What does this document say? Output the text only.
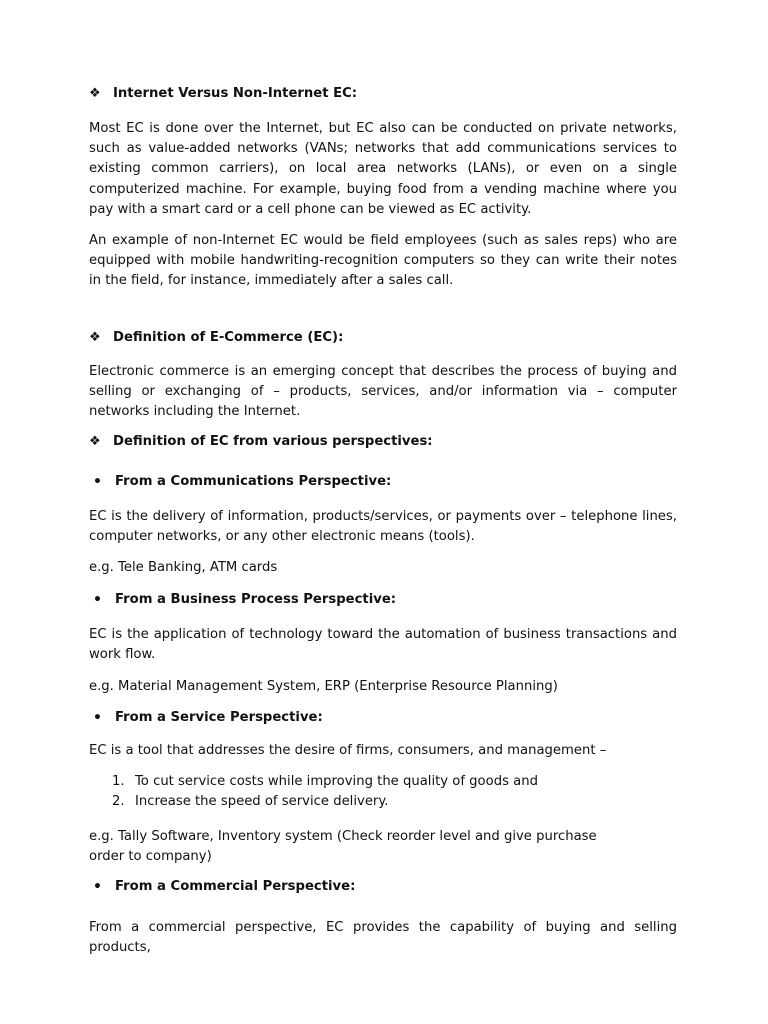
❖ Internet Versus Non-Internet EC:

Most EC is done over the Internet, but EC also can be conducted on private networks, such as value-added networks (VANs; networks that add communications services to existing common carriers), on local area networks (LANs), or even on a single computerized machine. For example, buying food from a vending machine where you pay with a smart card or a cell phone can be viewed as EC activity.

An example of non-Internet EC would be field employees (such as sales reps) who are equipped with mobile handwriting-recognition computers so they can write their notes in the field, for instance, immediately after a sales call.

❖ Definition of E-Commerce (EC):

Electronic commerce is an emerging concept that describes the process of buying and selling or exchanging of – products, services, and/or information via – computer networks including the Internet.

❖ Definition of EC from various perspectives:
• From a Communications Perspective:

EC is the delivery of information, products/services, or payments over – telephone lines, computer networks, or any other electronic means (tools).

e.g. Tele Banking, ATM cards

• From a Business Process Perspective:

EC is the application of technology toward the automation of business transactions and work flow.

e.g. Material Management System, ERP (Enterprise Resource Planning)

• From a Service Perspective:

EC is a tool that addresses the desire of firms, consumers, and management –

1. To cut service costs while improving the quality of goods and
2. Increase the speed of service delivery.

e.g. Tally Software, Inventory system (Check reorder level and give purchase order to company)

• From a Commercial Perspective:

From a commercial perspective, EC provides the capability of buying and selling products,
